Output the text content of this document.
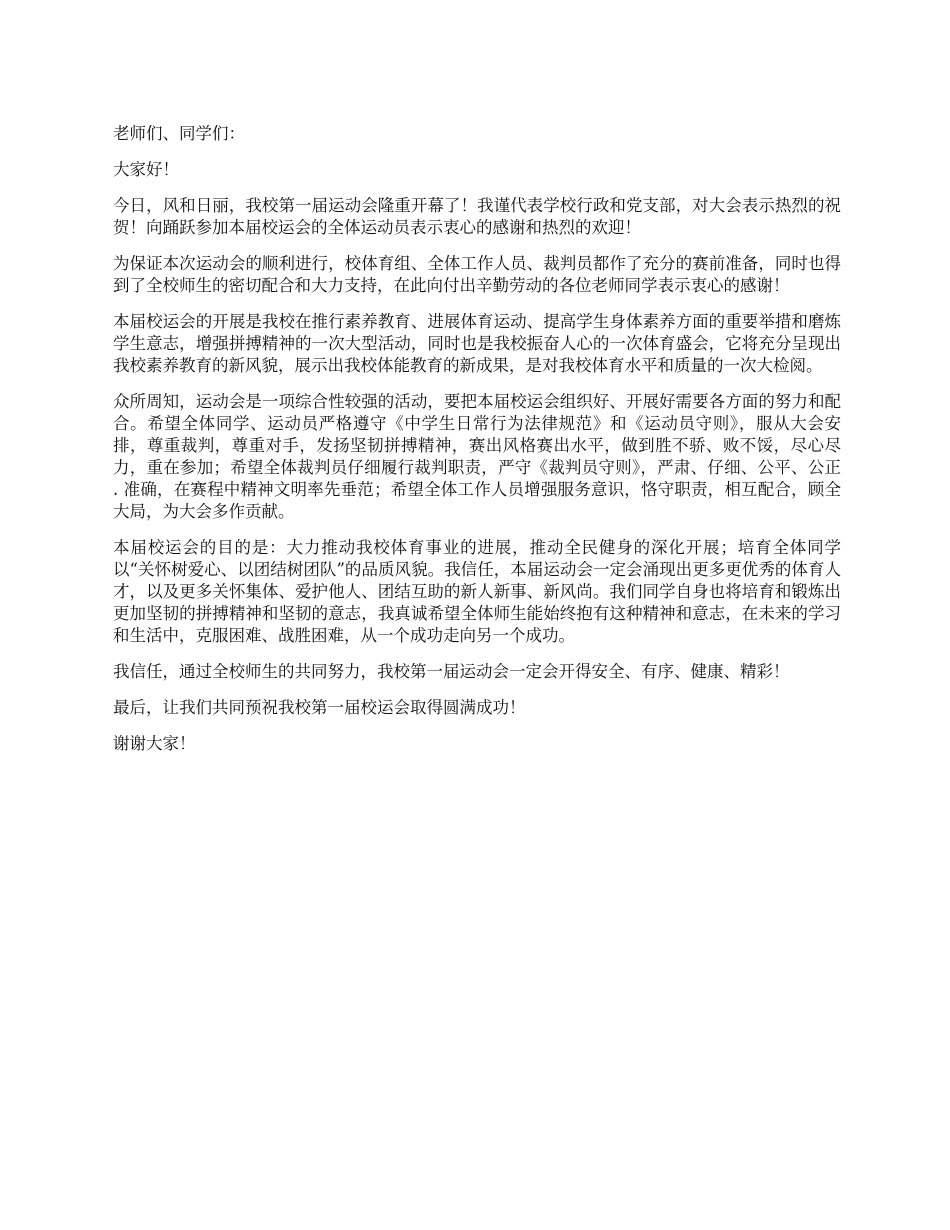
老师们、同学们：

大家好！

今日，风和日丽，我校第一届运动会隆重开幕了！我谨代表学校行政和党支部，对大会表示热烈的祝贺！向踊跃参加本届校运会的全体运动员表示衷心的感谢和热烈的欢迎！

为保证本次运动会的顺利进行，校体育组、全体工作人员、裁判员都作了充分的赛前准备，同时也得到了全校师生的密切配合和大力支持，在此向付出辛勤劳动的各位老师同学表示衷心的感谢！

本届校运会的开展是我校在推行素养教育、进展体育运动、提高学生身体素养方面的重要举措和磨炼学生意志，增强拼搏精神的一次大型活动，同时也是我校振奋人心的一次体育盛会，它将充分呈现出我校素养教育的新风貌，展示出我校体能教育的新成果，是对我校体育水平和质量的一次大检阅。

众所周知，运动会是一项综合性较强的活动，要把本届校运会组织好、开展好需要各方面的努力和配合。希望全体同学、运动员严格遵守《中学生日常行为法律规范》和《运动员守则》，服从大会安排，尊重裁判，尊重对手，发扬坚韧拼搏精神，赛出风格赛出水平，做到胜不骄、败不馁，尽心尽力，重在参加；希望全体裁判员仔细履行裁判职责，严守《裁判员守则》，严肃、仔细、公平、公正 . 准确，在赛程中精神文明率先垂范；希望全体工作人员增强服务意识，恪守职责，相互配合，顾全大局，为大会多作贡献。

本届校运会的目的是：大力推动我校体育事业的进展，推动全民健身的深化开展；培育全体同学以“关怀树爱心、以团结树团队”的品质风貌。我信任，本届运动会一定会涌现出更多更优秀的体育人才，以及更多关怀集体、爱护他人、团结互助的新人新事、新风尚。我们同学自身也将培育和锻炼出更加坚韧的拼搏精神和坚韧的意志，我真诚希望全体师生能始终抱有这种精神和意志，在未来的学习和生活中，克服困难、战胜困难，从一个成功走向另一个成功。

我信任，通过全校师生的共同努力，我校第一届运动会一定会开得安全、有序、健康、精彩！

最后，让我们共同预祝我校第一届校运会取得圆满成功！

谢谢大家！
